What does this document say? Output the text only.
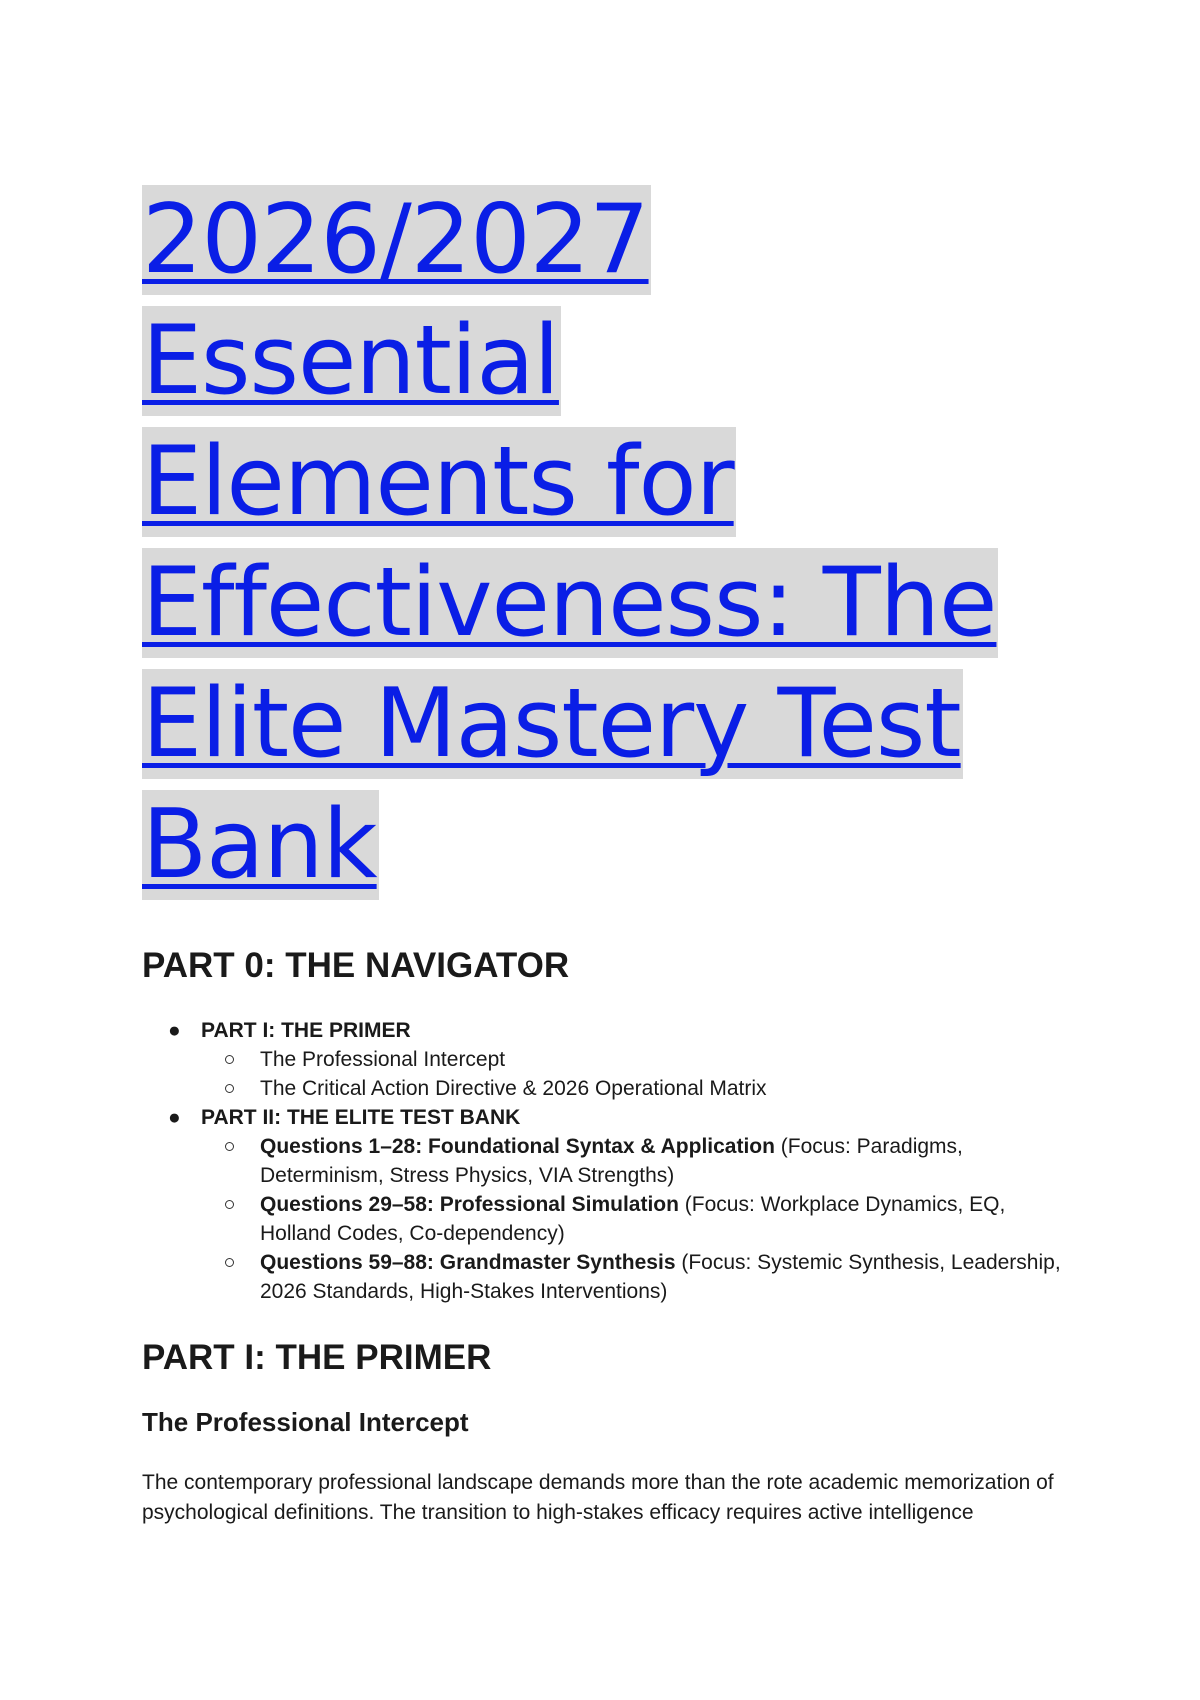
2026/2027
Essential
Elements for
Effectiveness: The
Elite Mastery Test
Bank
PART 0: THE NAVIGATOR
● PART I: THE PRIMER
The Professional Intercept
The Critical Action Directive & 2026 Operational Matrix
● PART II: THE ELITE TEST BANK
Questions 1–28: Foundational Syntax & Application (Focus: Paradigms, Determinism, Stress Physics, VIA Strengths)
Questions 29–58: Professional Simulation (Focus: Workplace Dynamics, EQ, Holland Codes, Co-dependency)
Questions 59–88: Grandmaster Synthesis (Focus: Systemic Synthesis, Leadership, 2026 Standards, High-Stakes Interventions)
PART I: THE PRIMER
The Professional Intercept

The contemporary professional landscape demands more than the rote academic memorization of psychological definitions. The transition to high-stakes efficacy requires active intelligence
